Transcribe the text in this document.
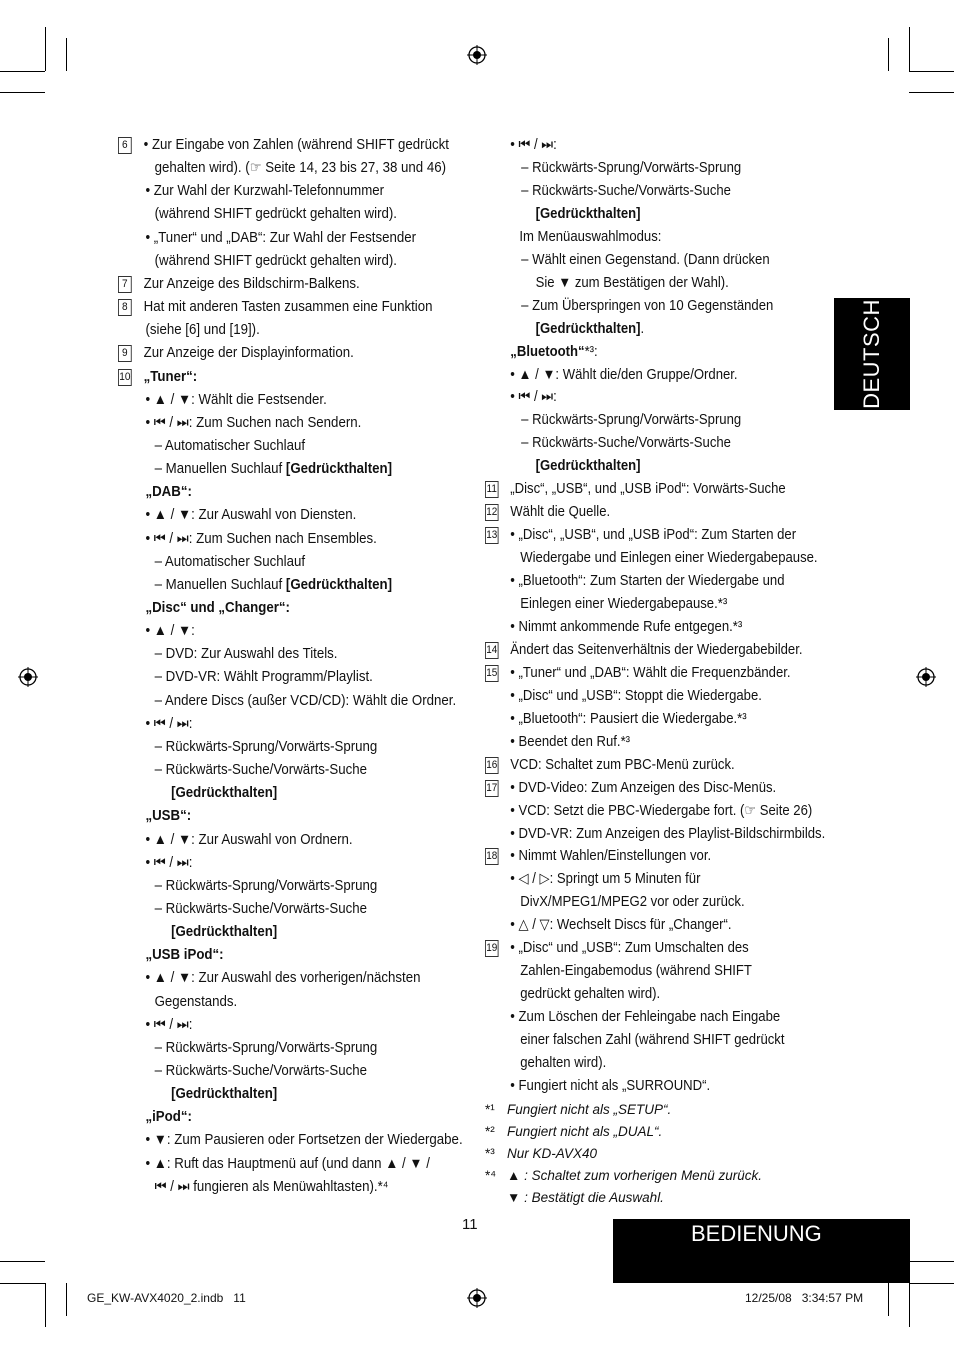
DEUTSCH
BEDIENUNG
11
6 • Zur Eingabe von Zahlen (während SHIFT gedrückt
gehalten wird). (☞ Seite 14, 23 bis 27, 38 und 46)
• Zur Wahl der Kurzwahl-Telefonnummer
(während SHIFT gedrückt gehalten wird).
• „Tuner“ und „DAB“: Zur Wahl der Festsender
(während SHIFT gedrückt gehalten wird).
7 Zur Anzeige des Bildschirm-Balkens.
8 Hat mit anderen Tasten zusammen eine Funktion
(siehe [6] und [19]).
9 Zur Anzeige der Displayinformation.
10 „Tuner“:
• ▲ / ▼: Wählt die Festsender.
• ⏮ / ⏭: Zum Suchen nach Sendern.
– Automatischer Suchlauf
– Manuellen Suchlauf [Gedrückthalten]
„DAB“:
• ▲ / ▼: Zur Auswahl von Diensten.
• ⏮ / ⏭: Zum Suchen nach Ensembles.
– Automatischer Suchlauf
– Manuellen Suchlauf [Gedrückthalten]
„Disc“ und „Changer“:
• ▲ / ▼:
– DVD: Zur Auswahl des Titels.
– DVD-VR: Wählt Programm/Playlist.
– Andere Discs (außer VCD/CD): Wählt die Ordner.
• ⏮ / ⏭:
– Rückwärts-Sprung/Vorwärts-Sprung
– Rückwärts-Suche/Vorwärts-Suche
[Gedrückthalten]
„USB“:
• ▲ / ▼: Zur Auswahl von Ordnern.
• ⏮ / ⏭:
– Rückwärts-Sprung/Vorwärts-Sprung
– Rückwärts-Suche/Vorwärts-Suche
[Gedrückthalten]
„USB iPod“:
• ▲ / ▼: Zur Auswahl des vorherigen/nächsten
Gegenstands.
• ⏮ / ⏭:
– Rückwärts-Sprung/Vorwärts-Sprung
– Rückwärts-Suche/Vorwärts-Suche
[Gedrückthalten]
„iPod“:
• ▼: Zum Pausieren oder Fortsetzen der Wiedergabe.
• ▲: Ruft das Hauptmenü auf (und dann ▲ / ▼ /
⏮ / ⏭ fungieren als Menüwahltasten).*⁴
• ⏮ / ⏭:
– Rückwärts-Sprung/Vorwärts-Sprung
– Rückwärts-Suche/Vorwärts-Suche
[Gedrückthalten]
Im Menüauswahlmodus:
– Wählt einen Gegenstand. (Dann drücken
Sie ▼ zum Bestätigen der Wahl).
– Zum Überspringen von 10 Gegenständen
[Gedrückthalten].
„Bluetooth“*³:
• ▲ / ▼: Wählt die/den Gruppe/Ordner.
• ⏮ / ⏭:
– Rückwärts-Sprung/Vorwärts-Sprung
– Rückwärts-Suche/Vorwärts-Suche
[Gedrückthalten]
11 „Disc“, „USB“, und „USB iPod“: Vorwärts-Suche
12 Wählt die Quelle.
13 • „Disc“, „USB“, und „USB iPod“: Zum Starten der
Wiedergabe und Einlegen einer Wiedergabepause.
• „Bluetooth“: Zum Starten der Wiedergabe und
Einlegen einer Wiedergabepause.*³
• Nimmt ankommende Rufe entgegen.*³
14 Ändert das Seitenverhältnis der Wiedergabebilder.
15 • „Tuner“ und „DAB“: Wählt die Frequenzbänder.
• „Disc“ und „USB“: Stoppt die Wiedergabe.
• „Bluetooth“: Pausiert die Wiedergabe.*³
• Beendet den Ruf.*³
16 VCD: Schaltet zum PBC-Menü zurück.
17 • DVD-Video: Zum Anzeigen des Disc-Menüs.
• VCD: Setzt die PBC-Wiedergabe fort. (☞ Seite 26)
• DVD-VR: Zum Anzeigen des Playlist-Bildschirmbilds.
18 • Nimmt Wahlen/Einstellungen vor.
• ◁ / ▷: Springt um 5 Minuten für
DivX/MPEG1/MPEG2 vor oder zurück.
• △ / ▽: Wechselt Discs für „Changer“.
19 • „Disc“ und „USB“: Zum Umschalten des
Zahlen-Eingabemodus (während SHIFT
gedrückt gehalten wird).
• Zum Löschen der Fehleingabe nach Eingabe
einer falschen Zahl (während SHIFT gedrückt
gehalten wird).
• Fungiert nicht als „SURROUND“.
*¹ Fungiert nicht als „SETUP“.
*² Fungiert nicht als „DUAL“.
*³ Nur KD-AVX40
*⁴ ▲ : Schaltet zum vorherigen Menü zurück.
▼ : Bestätigt die Auswahl.
GE_KW-AVX4020_2.indb   11	12/25/08   3:34:57 PM
